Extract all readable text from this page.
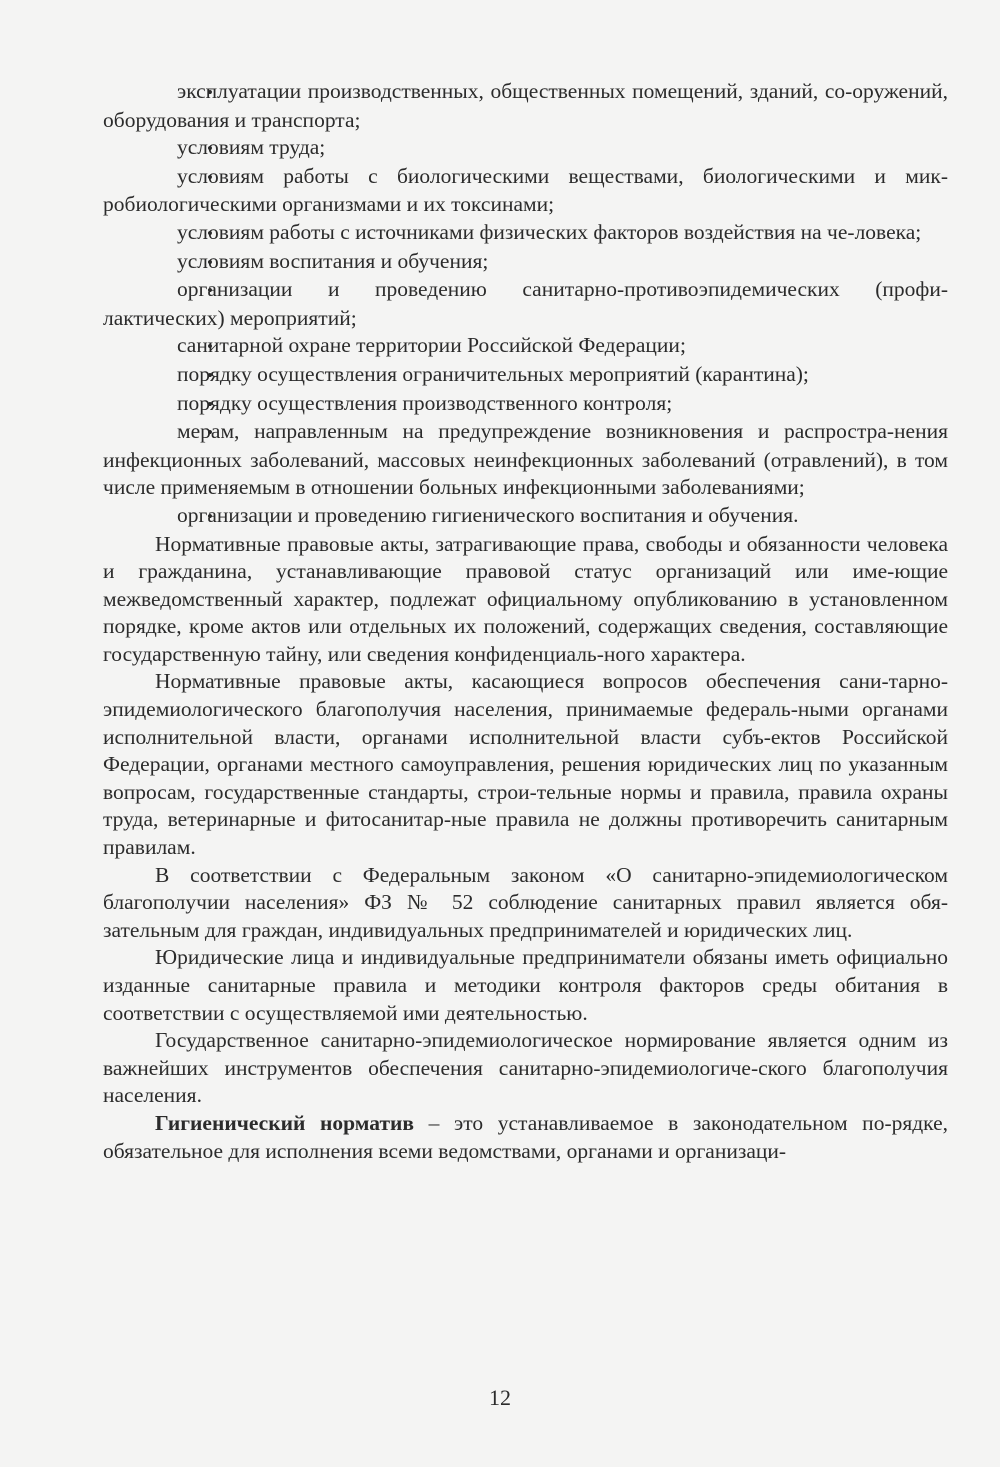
• эксплуатации производственных, общественных помещений, зданий, со-оружений, оборудования и транспорта;

• условиям труда;

• условиям работы с биологическими веществами, биологическими и мик-робиологическими организмами и их токсинами;

• условиям работы с источниками физических факторов воздействия на че-ловека;

• условиям воспитания и обучения;

• организации и проведению санитарно-противоэпидемических (профи-лактических) мероприятий;

• санитарной охране территории Российской Федерации;

• порядку осуществления ограничительных мероприятий (карантина);

• порядку осуществления производственного контроля;

• мерам, направленным на предупреждение возникновения и распростра-нения инфекционных заболеваний, массовых неинфекционных заболеваний (отравлений), в том числе применяемым в отношении больных инфекционными заболеваниями;

• организации и проведению гигиенического воспитания и обучения.

Нормативные правовые акты, затрагивающие права, свободы и обязанности человека и гражданина, устанавливающие правовой статус организаций или име-ющие межведомственный характер, подлежат официальному опубликованию в установленном порядке, кроме актов или отдельных их положений, содержащих сведения, составляющие государственную тайну, или сведения конфиденциаль-ного характера.

Нормативные правовые акты, касающиеся вопросов обеспечения сани-тарно-эпидемиологического благополучия населения, принимаемые федераль-ными органами исполнительной власти, органами исполнительной власти субъ-ектов Российской Федерации, органами местного самоуправления, решения юридических лиц по указанным вопросам, государственные стандарты, строи-тельные нормы и правила, правила охраны труда, ветеринарные и фитосанитар-ные правила не должны противоречить санитарным правилам.

В соответствии с Федеральным законом «О санитарно-эпидемиологическом благополучии населения» ФЗ № 52 соблюдение санитарных правил является обя-зательным для граждан, индивидуальных предпринимателей и юридических лиц.

Юридические лица и индивидуальные предприниматели обязаны иметь официально изданные санитарные правила и методики контроля факторов среды обитания в соответствии с осуществляемой ими деятельностью.

Государственное санитарно-эпидемиологическое нормирование является одним из важнейших инструментов обеспечения санитарно-эпидемиологиче-ского благополучия населения.

Гигиенический норматив – это устанавливаемое в законодательном по-рядке, обязательное для исполнения всеми ведомствами, органами и организаци-

12
